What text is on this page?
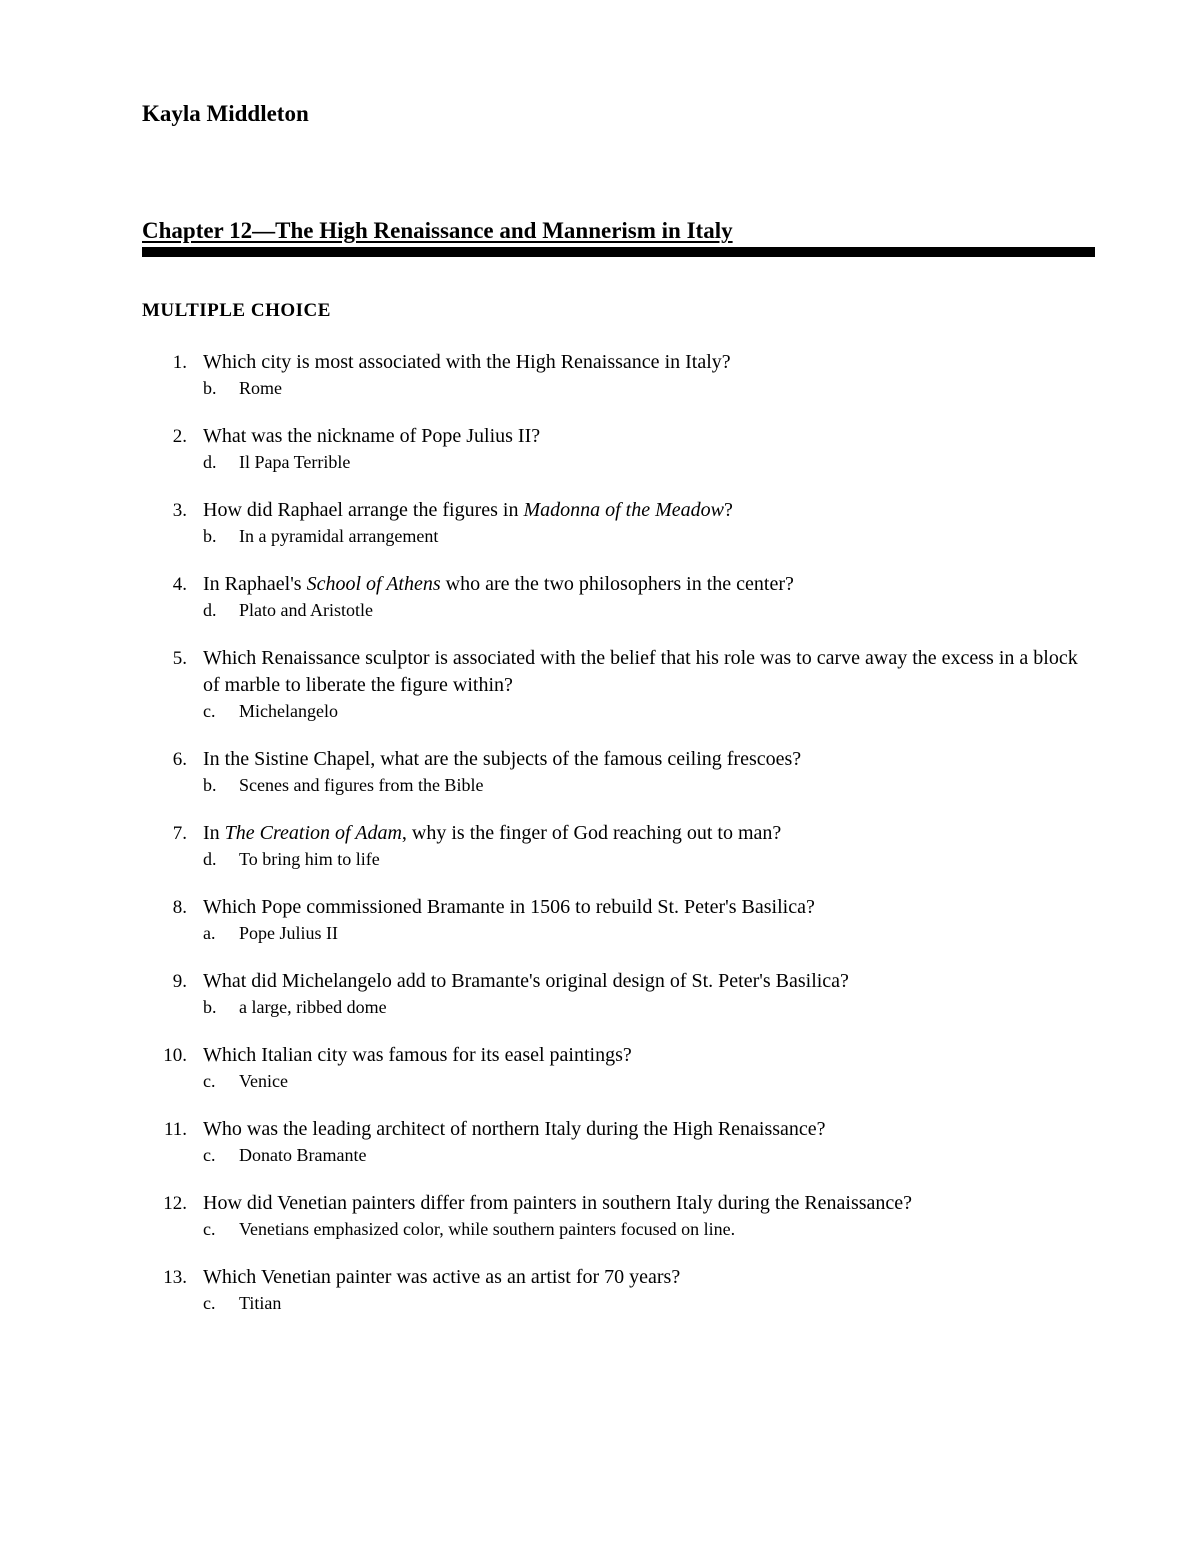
Kayla Middleton
Chapter 12—The High Renaissance and Mannerism in Italy
MULTIPLE CHOICE
1. Which city is most associated with the High Renaissance in Italy?
b. Rome
2. What was the nickname of Pope Julius II?
d. Il Papa Terrible
3. How did Raphael arrange the figures in Madonna of the Meadow?
b. In a pyramidal arrangement
4. In Raphael's School of Athens who are the two philosophers in the center?
d. Plato and Aristotle
5. Which Renaissance sculptor is associated with the belief that his role was to carve away the excess in a block of marble to liberate the figure within?
c. Michelangelo
6. In the Sistine Chapel, what are the subjects of the famous ceiling frescoes?
b. Scenes and figures from the Bible
7. In The Creation of Adam, why is the finger of God reaching out to man?
d. To bring him to life
8. Which Pope commissioned Bramante in 1506 to rebuild St. Peter's Basilica?
a. Pope Julius II
9. What did Michelangelo add to Bramante's original design of St. Peter's Basilica?
b. a large, ribbed dome
10. Which Italian city was famous for its easel paintings?
c. Venice
11. Who was the leading architect of northern Italy during the High Renaissance?
c. Donato Bramante
12. How did Venetian painters differ from painters in southern Italy during the Renaissance?
c. Venetians emphasized color, while southern painters focused on line.
13. Which Venetian painter was active as an artist for 70 years?
c. Titian
